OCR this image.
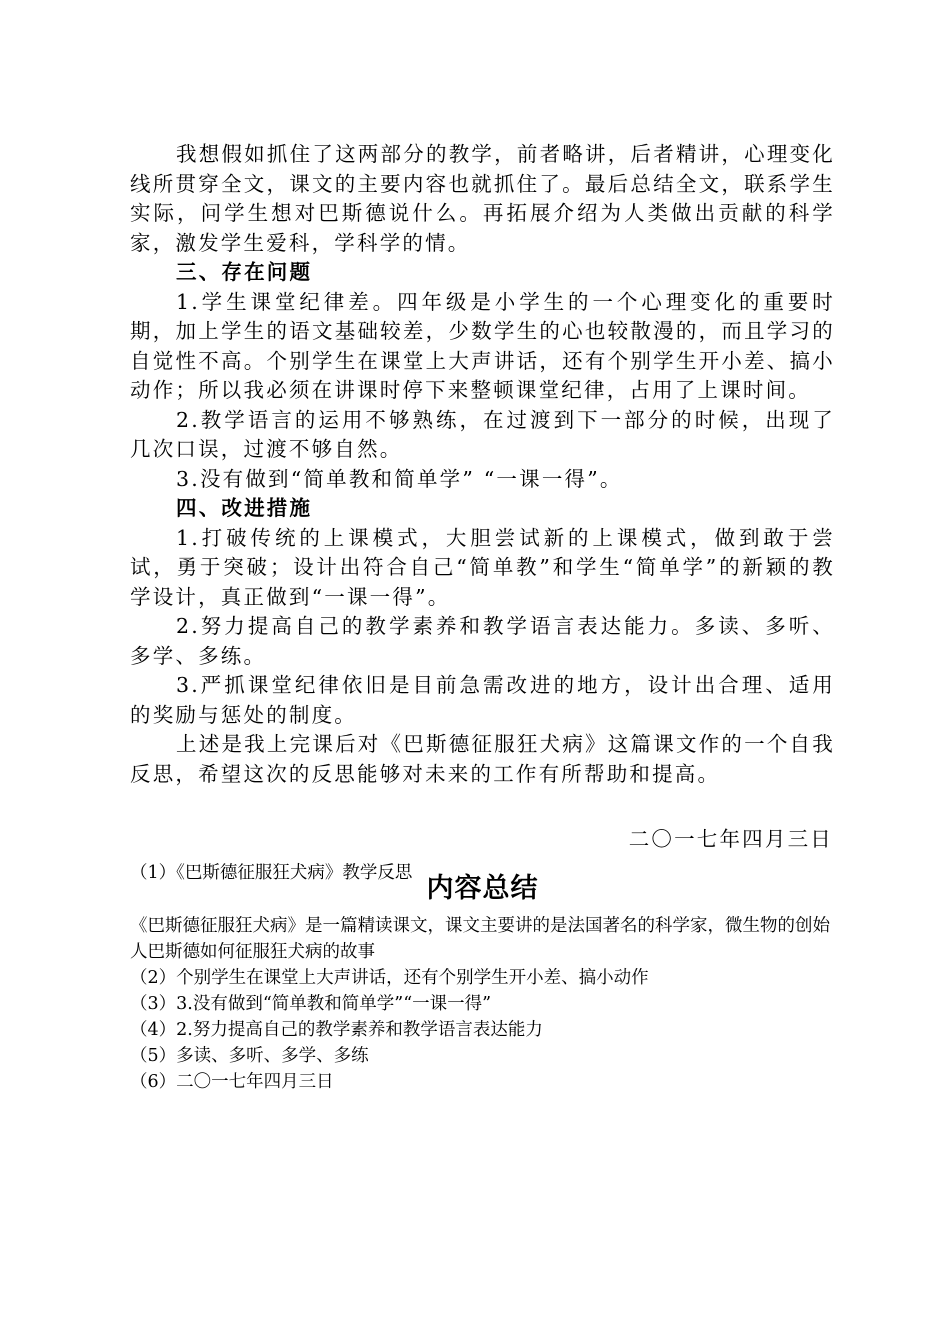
我想假如抓住了这两部分的教学，前者略讲，后者精讲，心理变化线所贯穿全文，课文的主要内容也就抓住了。最后总结全文，联系学生实际，问学生想对巴斯德说什么。再拓展介绍为人类做出贡献的科学家，激发学生爱科，学科学的情。

三、存在问题

1.学生课堂纪律差。四年级是小学生的一个心理变化的重要时期，加上学生的语文基础较差，少数学生的心也较散漫的，而且学习的自觉性不高。个别学生在课堂上大声讲话，还有个别学生开小差、搞小动作；所以我必须在讲课时停下来整顿课堂纪律，占用了上课时间。

2.教学语言的运用不够熟练，在过渡到下一部分的时候，出现了几次口误，过渡不够自然。

3.没有做到“简单教和简单学” “一课一得”。

四、改进措施

1.打破传统的上课模式，大胆尝试新的上课模式，做到敢于尝试，勇于突破；设计出符合自己“简单教”和学生“简单学”的新颖的教学设计，真正做到“一课一得”。

2.努力提高自己的教学素养和教学语言表达能力。多读、多听、多学、多练。

3.严抓课堂纪律依旧是目前急需改进的地方，设计出合理、适用的奖励与惩处的制度。

上述是我上完课后对《巴斯德征服狂犬病》这篇课文作的一个自我反思，希望这次的反思能够对未来的工作有所帮助和提高。

二〇一七年四月三日

内容总结

（1）《巴斯德征服狂犬病》教学反思

《巴斯德征服狂犬病》是一篇精读课文，课文主要讲的是法国著名的科学家，微生物的创始人巴斯德如何征服狂犬病的故事

（2）个别学生在课堂上大声讲话，还有个别学生开小差、搞小动作

（3）3.没有做到“简单教和简单学”“一课一得”

（4）2.努力提高自己的教学素养和教学语言表达能力

（5）多读、多听、多学、多练

（6）二〇一七年四月三日
